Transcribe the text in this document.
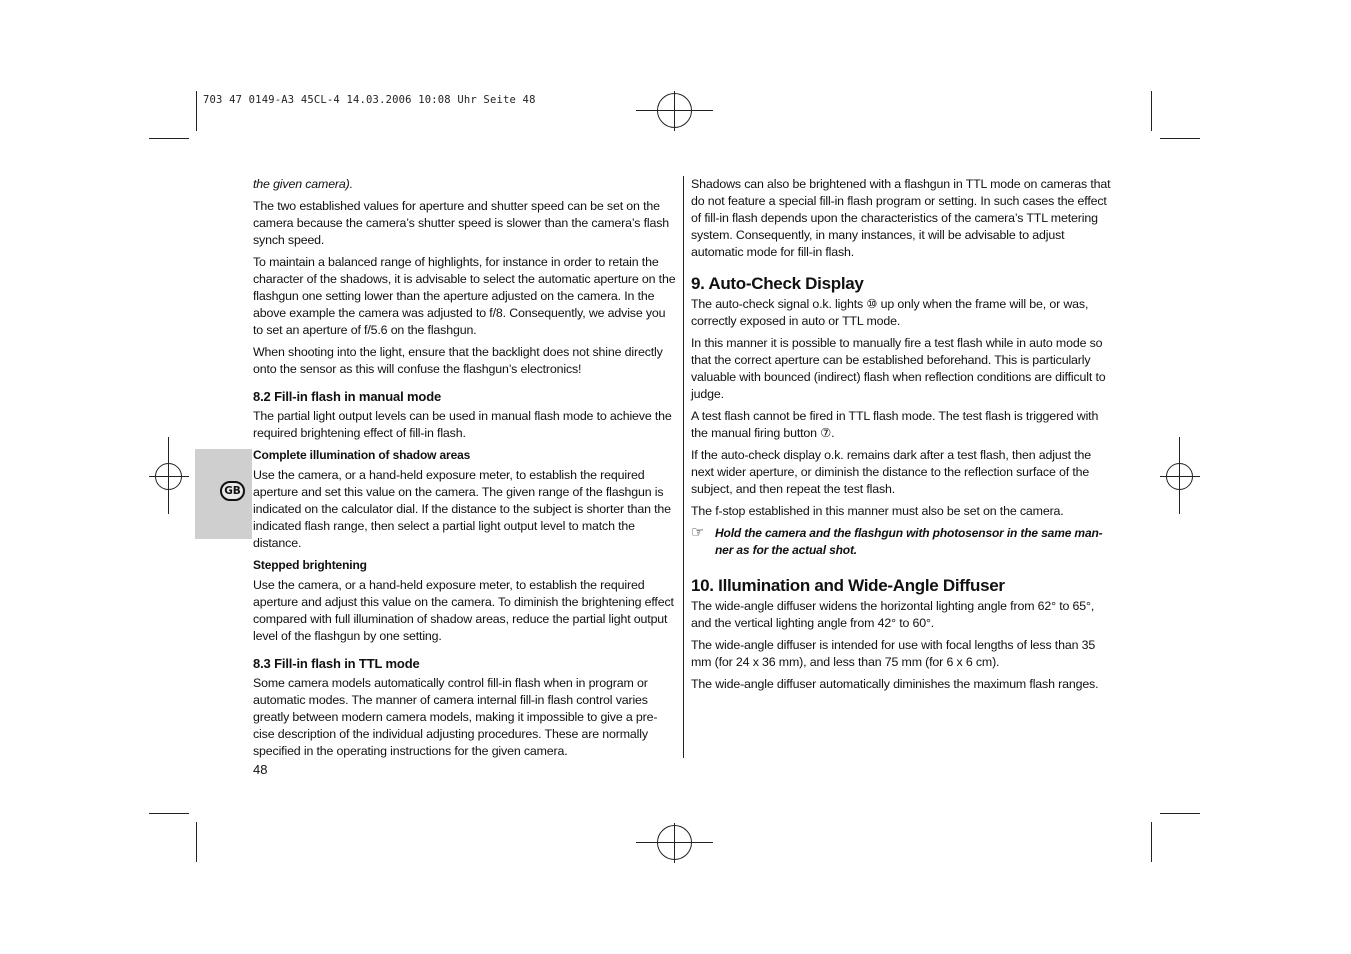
703 47 0149-A3 45CL-4 14.03.2006 10:08 Uhr Seite 48
GB

the given camera).

The two established values for aperture and shutter speed can be set on the camera because the camera’s shutter speed is slower than the camera’s flash synch speed.

To maintain a balanced range of highlights, for instance in order to retain the character of the shadows, it is advisable to select the automatic aperture on the flashgun one setting lower than the aperture adjusted on the camera. In the above example the camera was adjusted to f/8. Consequently, we advise you to set an aperture of f/5.6 on the flashgun.

When shooting into the light, ensure that the backlight does not shine directly onto the sensor as this will confuse the flashgun’s electronics!

8.2 Fill-in flash in manual mode

The partial light output levels can be used in manual flash mode to achieve the required brightening effect of fill-in flash.

Complete illumination of shadow areas

Use the camera, or a hand-held exposure meter, to establish the required aperture and set this value on the camera. The given range of the flashgun is indicated on the calculator dial. If the distance to the subject is shorter than the indicated flash range, then select a partial light output level to match the distance.

Stepped brightening

Use the camera, or a hand-held exposure meter, to establish the required aperture and adjust this value on the camera. To diminish the brightening effect compared with full illumination of shadow areas, reduce the partial light output level of the flashgun by one setting.

8.3 Fill-in flash in TTL mode

Some camera models automatically control fill-in flash when in program or automatic modes. The manner of camera internal fill-in flash control varies greatly between modern camera models, making it impossible to give a pre-cise description of the individual adjusting procedures. These are normally specified in the operating instructions for the given camera.

Shadows can also be brightened with a flashgun in TTL mode on cameras that do not feature a special fill-in flash program or setting. In such cases the effect of fill-in flash depends upon the characteristics of the camera’s TTL metering system. Consequently, in many instances, it will be advisable to adjust automatic mode for fill-in flash.

9. Auto-Check Display

The auto-check signal o.k. lights ⑩ up only when the frame will be, or was, correctly exposed in auto or TTL mode.

In this manner it is possible to manually fire a test flash while in auto mode so that the correct aperture can be established beforehand. This is particularly valuable with bounced (indirect) flash when reflection conditions are difficult to judge.

A test flash cannot be fired in TTL flash mode. The test flash is triggered with the manual firing button ⑦.

If the auto-check display o.k. remains dark after a test flash, then adjust the next wider aperture, or diminish the distance to the reflection surface of the subject, and then repeat the test flash.

The f-stop established in this manner must also be set on the camera.

☞ Hold the camera and the flashgun with photosensor in the same man-ner as for the actual shot.
10. Illumination and Wide-Angle Diffuser

The wide-angle diffuser widens the horizontal lighting angle from 62° to 65°, and the vertical lighting angle from 42° to 60°.

The wide-angle diffuser is intended for use with focal lengths of less than 35 mm (for 24 x 36 mm), and less than 75 mm (for 6 x 6 cm).

The wide-angle diffuser automatically diminishes the maximum flash ranges.

48
